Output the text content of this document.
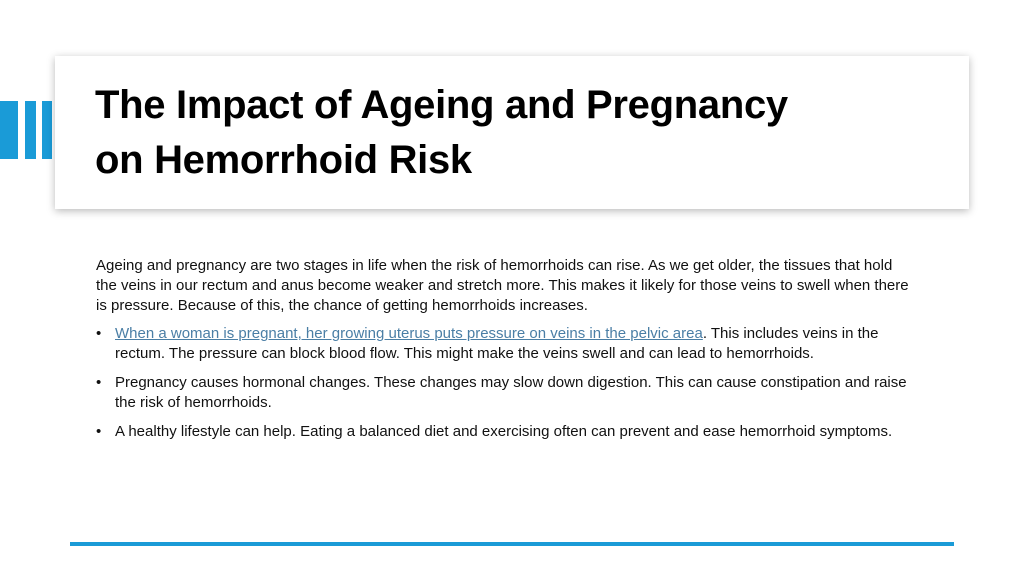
The Impact of Ageing and Pregnancy
on Hemorrhoid Risk

Ageing and pregnancy are two stages in life when the risk of hemorrhoids can rise. As we get older, the tissues that hold the veins in our rectum and anus become weaker and stretch more. This makes it likely for those veins to swell when there is pressure. Because of this, the chance of getting hemorrhoids increases.

• When a woman is pregnant, her growing uterus puts pressure on veins in the pelvic area. This includes veins in the rectum. The pressure can block blood flow. This might make the veins swell and can lead to hemorrhoids.
• Pregnancy causes hormonal changes. These changes may slow down digestion. This can cause constipation and raise the risk of hemorrhoids.
• A healthy lifestyle can help. Eating a balanced diet and exercising often can prevent and ease hemorrhoid symptoms.
